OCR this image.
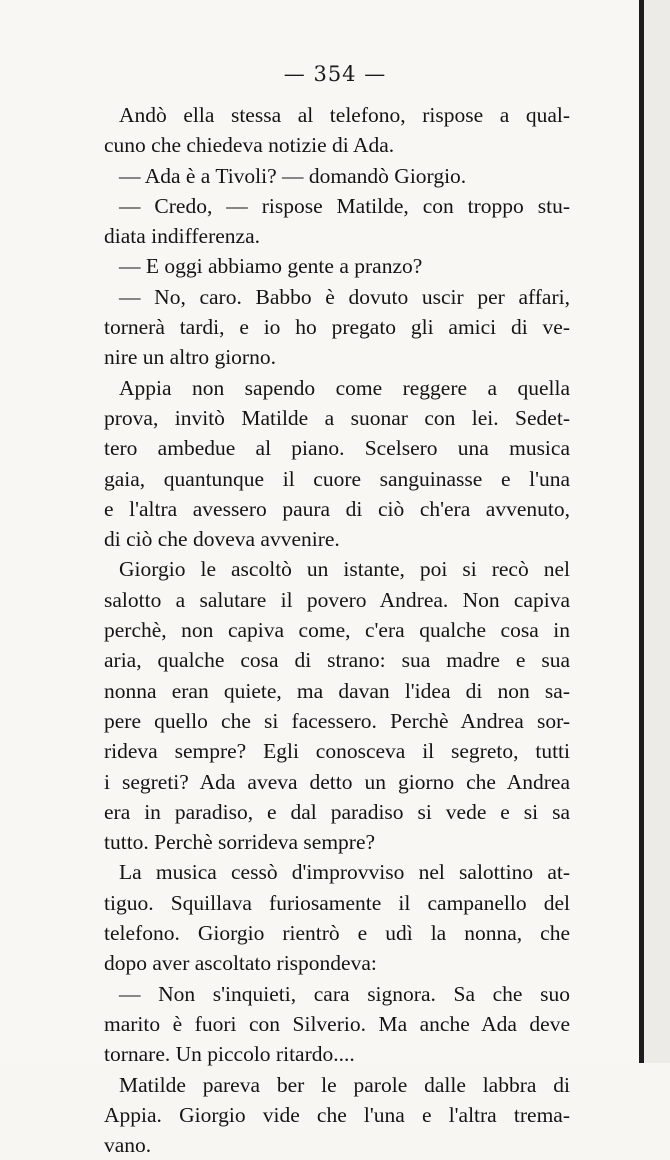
— 354 —
Andò ella stessa al telefono, rispose a qual-
cuno che chiedeva notizie di Ada.
— Ada è a Tivoli? — domandò Giorgio.
— Credo, — rispose Matilde, con troppo stu-
diata indifferenza.
— E oggi abbiamo gente a pranzo?
— No, caro. Babbo è dovuto uscir per affari,
tornerà tardi, e io ho pregato gli amici di ve-
nire un altro giorno.
Appia non sapendo come reggere a quella
prova, invitò Matilde a suonar con lei. Sedet-
tero ambedue al piano. Scelsero una musica
gaia, quantunque il cuore sanguinasse e l'una
e l'altra avessero paura di ciò ch'era avvenuto,
di ciò che doveva avvenire.
Giorgio le ascoltò un istante, poi si recò nel
salotto a salutare il povero Andrea. Non capiva
perchè, non capiva come, c'era qualche cosa in
aria, qualche cosa di strano: sua madre e sua
nonna eran quiete, ma davan l'idea di non sa-
pere quello che si facessero. Perchè Andrea sor-
rideva sempre? Egli conosceva il segreto, tutti
i segreti? Ada aveva detto un giorno che Andrea
era in paradiso, e dal paradiso si vede e si sa
tutto. Perchè sorrideva sempre?
La musica cessò d'improvviso nel salottino at-
tiguo. Squillava furiosamente il campanello del
telefono. Giorgio rientrò e udì la nonna, che
dopo aver ascoltato rispondeva:
— Non s'inquieti, cara signora. Sa che suo
marito è fuori con Silverio. Ma anche Ada deve
tornare. Un piccolo ritardo....
Matilde pareva ber le parole dalle labbra di
Appia. Giorgio vide che l'una e l'altra trema-
vano.
